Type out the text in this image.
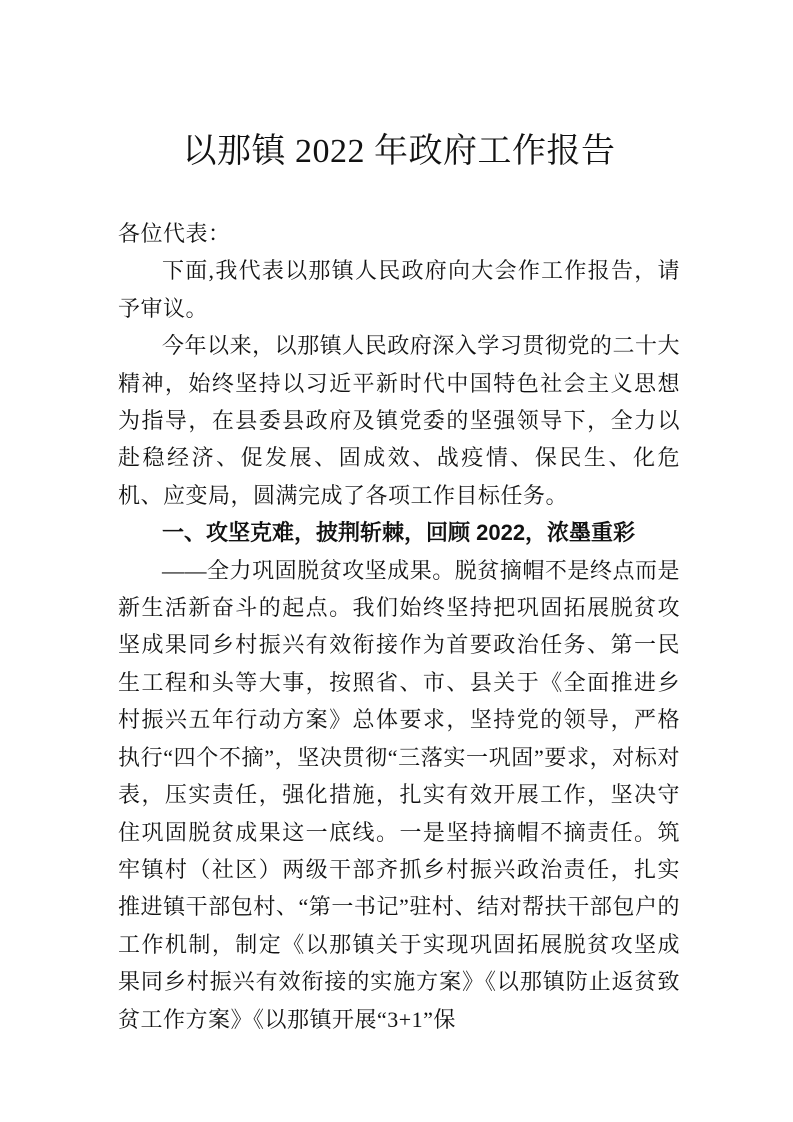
以那镇 2022 年政府工作报告

各位代表：

下面,我代表以那镇人民政府向大会作工作报告，请予审议。

今年以来，以那镇人民政府深入学习贯彻党的二十大精神，始终坚持以习近平新时代中国特色社会主义思想为指导，在县委县政府及镇党委的坚强领导下，全力以赴稳经济、促发展、固成效、战疫情、保民生、化危机、应变局，圆满完成了各项工作目标任务。

一、攻坚克难，披荆斩棘，回顾 2022，浓墨重彩

——全力巩固脱贫攻坚成果。脱贫摘帽不是终点而是新生活新奋斗的起点。我们始终坚持把巩固拓展脱贫攻坚成果同乡村振兴有效衔接作为首要政治任务、第一民生工程和头等大事，按照省、市、县关于《全面推进乡村振兴五年行动方案》总体要求，坚持党的领导，严格执行“四个不摘”，坚决贯彻“三落实一巩固”要求，对标对表，压实责任，强化措施，扎实有效开展工作，坚决守住巩固脱贫成果这一底线。一是坚持摘帽不摘责任。筑牢镇村（社区）两级干部齐抓乡村振兴政治责任，扎实推进镇干部包村、“第一书记”驻村、结对帮扶干部包户的工作机制，制定《以那镇关于实现巩固拓展脱贫攻坚成果同乡村振兴有效衔接的实施方案》《以那镇防止返贫致贫工作方案》《以那镇开展“3+1”保
